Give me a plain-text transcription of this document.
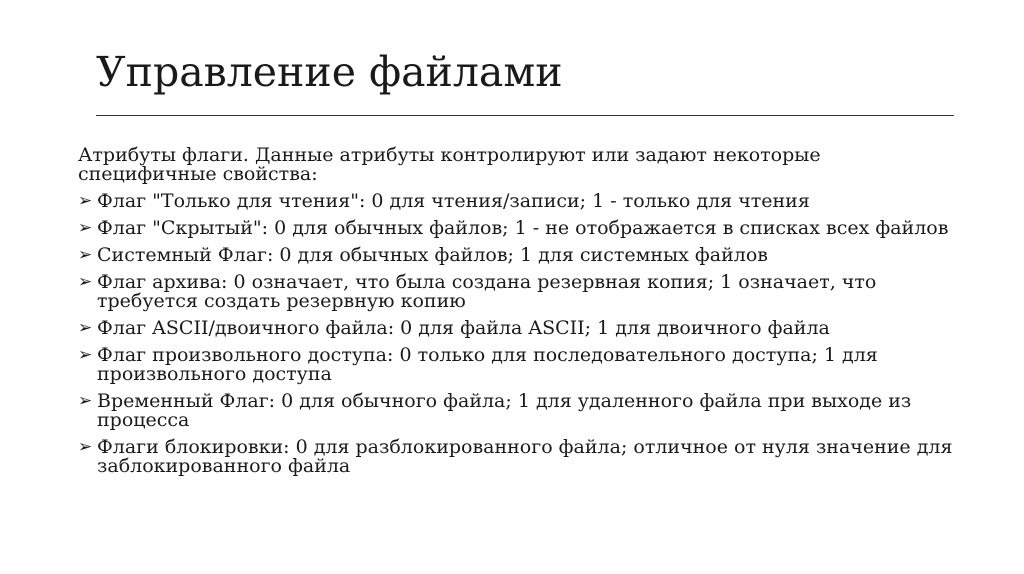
Управление файлами

Атрибуты флаги. Данные атрибуты контролируют или задают некоторые специфичные свойства:

➢ Флаг "Только для чтения": 0 для чтения/записи; 1 - только для чтения
➢ Флаг "Скрытый": 0 для обычных файлов; 1 - не отображается в списках всех файлов
➢ Системный Флаг: 0 для обычных файлов; 1 для системных файлов
➢ Флаг архива: 0 означает, что была создана резервная копия; 1 означает, что требуется создать резервную копию
➢ Флаг ASCII/двоичного файла: 0 для файла ASCII; 1 для двоичного файла
➢ Флаг произвольного доступа: 0 только для последовательного доступа; 1 для произвольного доступа
➢ Временный Флаг: 0 для обычного файла; 1 для удаленного файла при выходе из процесса
➢ Флаги блокировки: 0 для разблокированного файла; отличное от нуля значение для заблокированного файла
